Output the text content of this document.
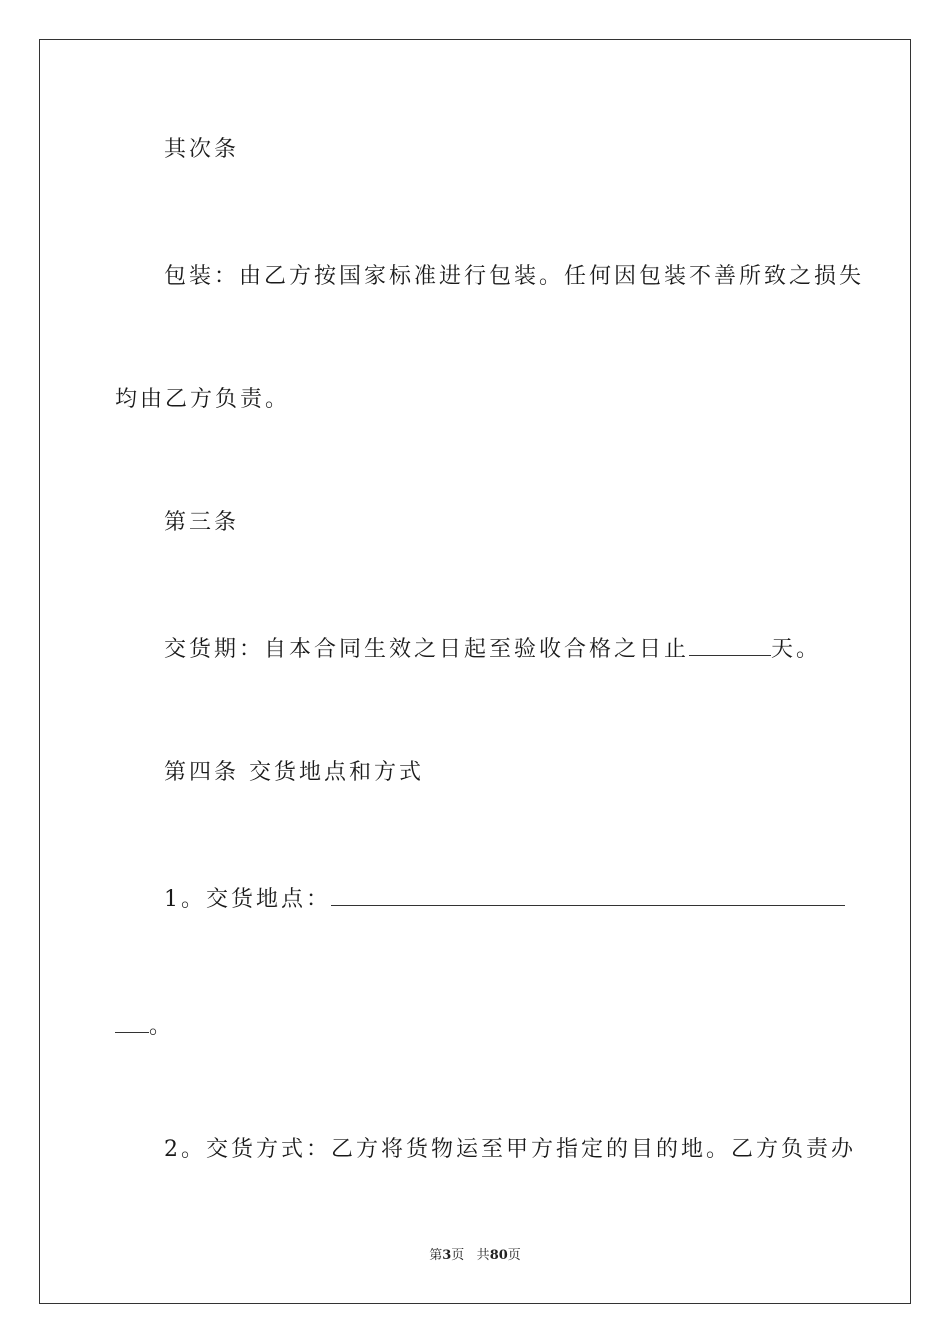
其次条
包装：由乙方按国家标准进行包装。任何因包装不善所致之损失
均由乙方负责。
第三条
交货期：自本合同生效之日起至验收合格之日止	天。
第四条 交货地点和方式
1。交货地点：
。
2。交货方式：乙方将货物运至甲方指定的目的地。乙方负责办
第3页 共80页
